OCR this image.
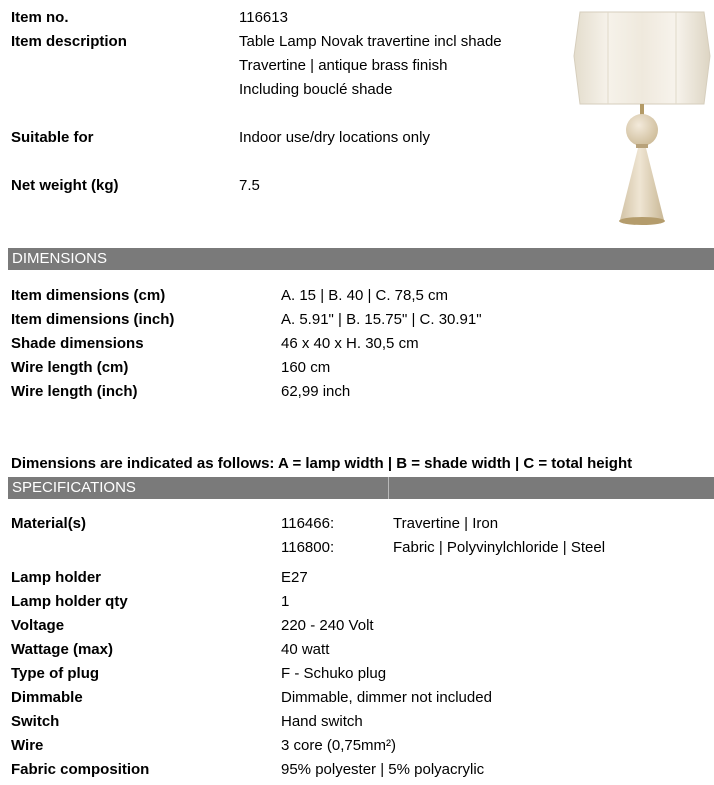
Item no.	116613
Item description	Table Lamp Novak travertine incl shade
Travertine | antique brass finish
Including bouclé shade
Suitable for	Indoor use/dry locations only
Net weight (kg)	7.5
DIMENSIONS
Item dimensions (cm)	A. 15 | B. 40 | C. 78,5 cm
Item dimensions (inch)	A. 5.91" | B. 15.75" | C. 30.91"
Shade dimensions	46 x 40 x H. 30,5 cm
Wire length (cm)	160 cm
Wire length (inch)	62,99 inch
Dimensions are indicated as follows: A = lamp width | B = shade width | C = total height
SPECIFICATIONS
Material(s)	116466:	Travertine | Iron
116800:	Fabric | Polyvinylchloride | Steel
Lamp holder	E27
Lamp holder qty	1
Voltage	220 - 240 Volt
Wattage (max)	40 watt
Type of plug	F - Schuko plug
Dimmable	Dimmable, dimmer not included
Switch	Hand switch
Wire	3 core (0,75mm²)
Fabric composition	95% polyester | 5% polyacrylic
